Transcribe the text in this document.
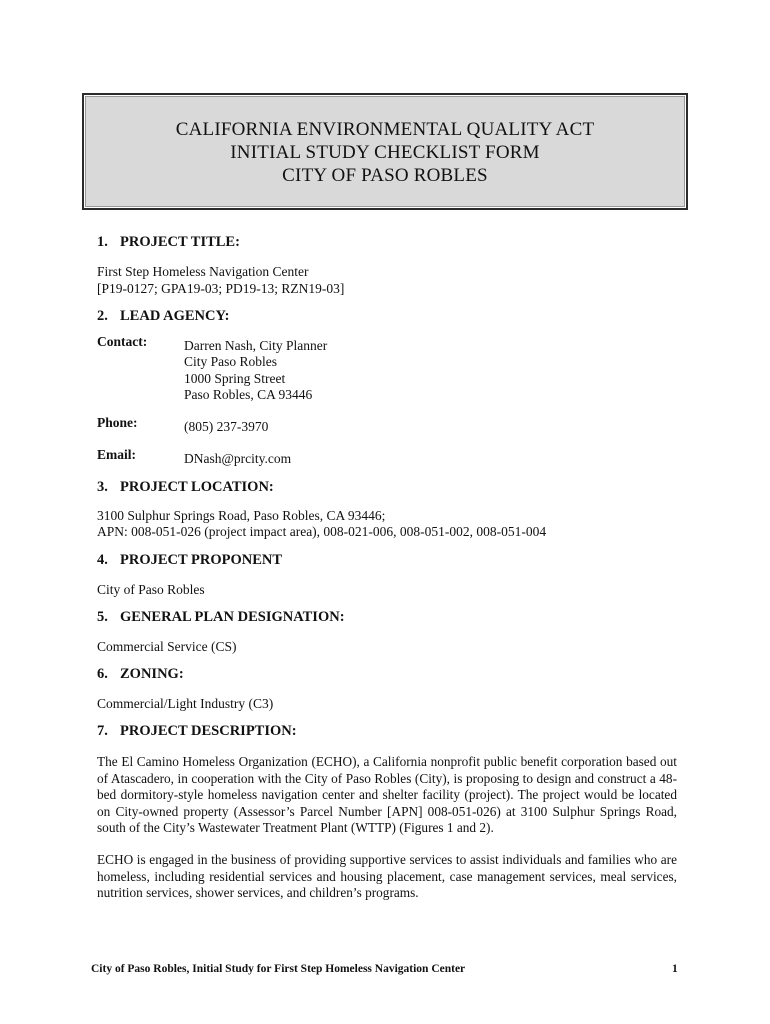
CALIFORNIA ENVIRONMENTAL QUALITY ACT
INITIAL STUDY CHECKLIST FORM
CITY OF PASO ROBLES
1. PROJECT TITLE:
First Step Homeless Navigation Center
[P19-0127; GPA19-03; PD19-13; RZN19-03]
2. LEAD AGENCY:
Contact:	Darren Nash, City Planner
City Paso Robles
1000 Spring Street
Paso Robles, CA 93446
Phone:	(805) 237-3970
Email:	DNash@prcity.com
3. PROJECT LOCATION:
3100 Sulphur Springs Road, Paso Robles, CA 93446;
APN: 008-051-026 (project impact area), 008-021-006, 008-051-002, 008-051-004
4. PROJECT PROPONENT
City of Paso Robles
5. GENERAL PLAN DESIGNATION:
Commercial Service (CS)
6. ZONING:
Commercial/Light Industry (C3)
7. PROJECT DESCRIPTION:
The El Camino Homeless Organization (ECHO), a California nonprofit public benefit corporation based out of Atascadero, in cooperation with the City of Paso Robles (City), is proposing to design and construct a 48-bed dormitory-style homeless navigation center and shelter facility (project). The project would be located on City-owned property (Assessor’s Parcel Number [APN] 008-051-026) at 3100 Sulphur Springs Road, south of the City’s Wastewater Treatment Plant (WTTP) (Figures 1 and 2).
ECHO is engaged in the business of providing supportive services to assist individuals and families who are homeless, including residential services and housing placement, case management services, meal services, nutrition services, shower services, and children’s programs.
City of Paso Robles, Initial Study for First Step Homeless Navigation Center	1
